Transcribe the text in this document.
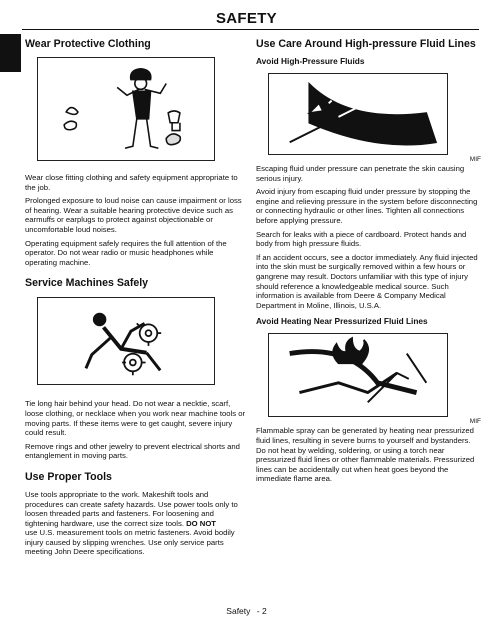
SAFETY
Wear Protective Clothing

Wear close fitting clothing and safety equipment appropriate to the job.

Prolonged exposure to loud noise can cause impairment or loss of hearing. Wear a suitable hearing protective device such as earmuffs or earplugs to protect against objectionable or uncomfortable loud noises.

Operating equipment safely requires the full attention of the operator. Do not wear radio or music headphones while operating machine.

Service Machines Safely

Tie long hair behind your head. Do not wear a necktie, scarf, loose clothing, or necklace when you work near machine tools or moving parts. If these items were to get caught, severe injury could result.

Remove rings and other jewelry to prevent electrical shorts and entanglement in moving parts.

Use Proper Tools

Use tools appropriate to the work. Makeshift tools and procedures can create safety hazards. Use power tools only to loosen threaded parts and fasteners. For loosening and tightening hardware, use the correct size tools. DO NOT
use U.S. measurement tools on metric fasteners. Avoid bodily injury caused by slipping wrenches. Use only service parts meeting John Deere specifications.

Use Care Around High-pressure Fluid Lines
Avoid High-Pressure Fluids

MIF

Escaping fluid under pressure can penetrate the skin causing serious injury.

Avoid injury from escaping fluid under pressure by stopping the engine and relieving pressure in the system before disconnecting or connecting hydraulic or other lines. Tighten all connections before applying pressure.

Search for leaks with a piece of cardboard. Protect hands and body from high pressure fluids.

If an accident occurs, see a doctor immediately. Any fluid injected into the skin must be surgically removed within a few hours or gangrene may result. Doctors unfamiliar with this type of injury should reference a knowledgeable medical source. Such information is available from Deere & Company Medical Department in Moline, Illinois, U.S.A.

Avoid Heating Near Pressurized Fluid Lines

MIF

Flammable spray can be generated by heating near pressurized fluid lines, resulting in severe burns to yourself and bystanders. Do not heat by welding, soldering, or using a torch near pressurized fluid lines or other flammable materials. Pressurized lines can be accidentally cut when heat goes beyond the immediate flame area.

Safety - 2
